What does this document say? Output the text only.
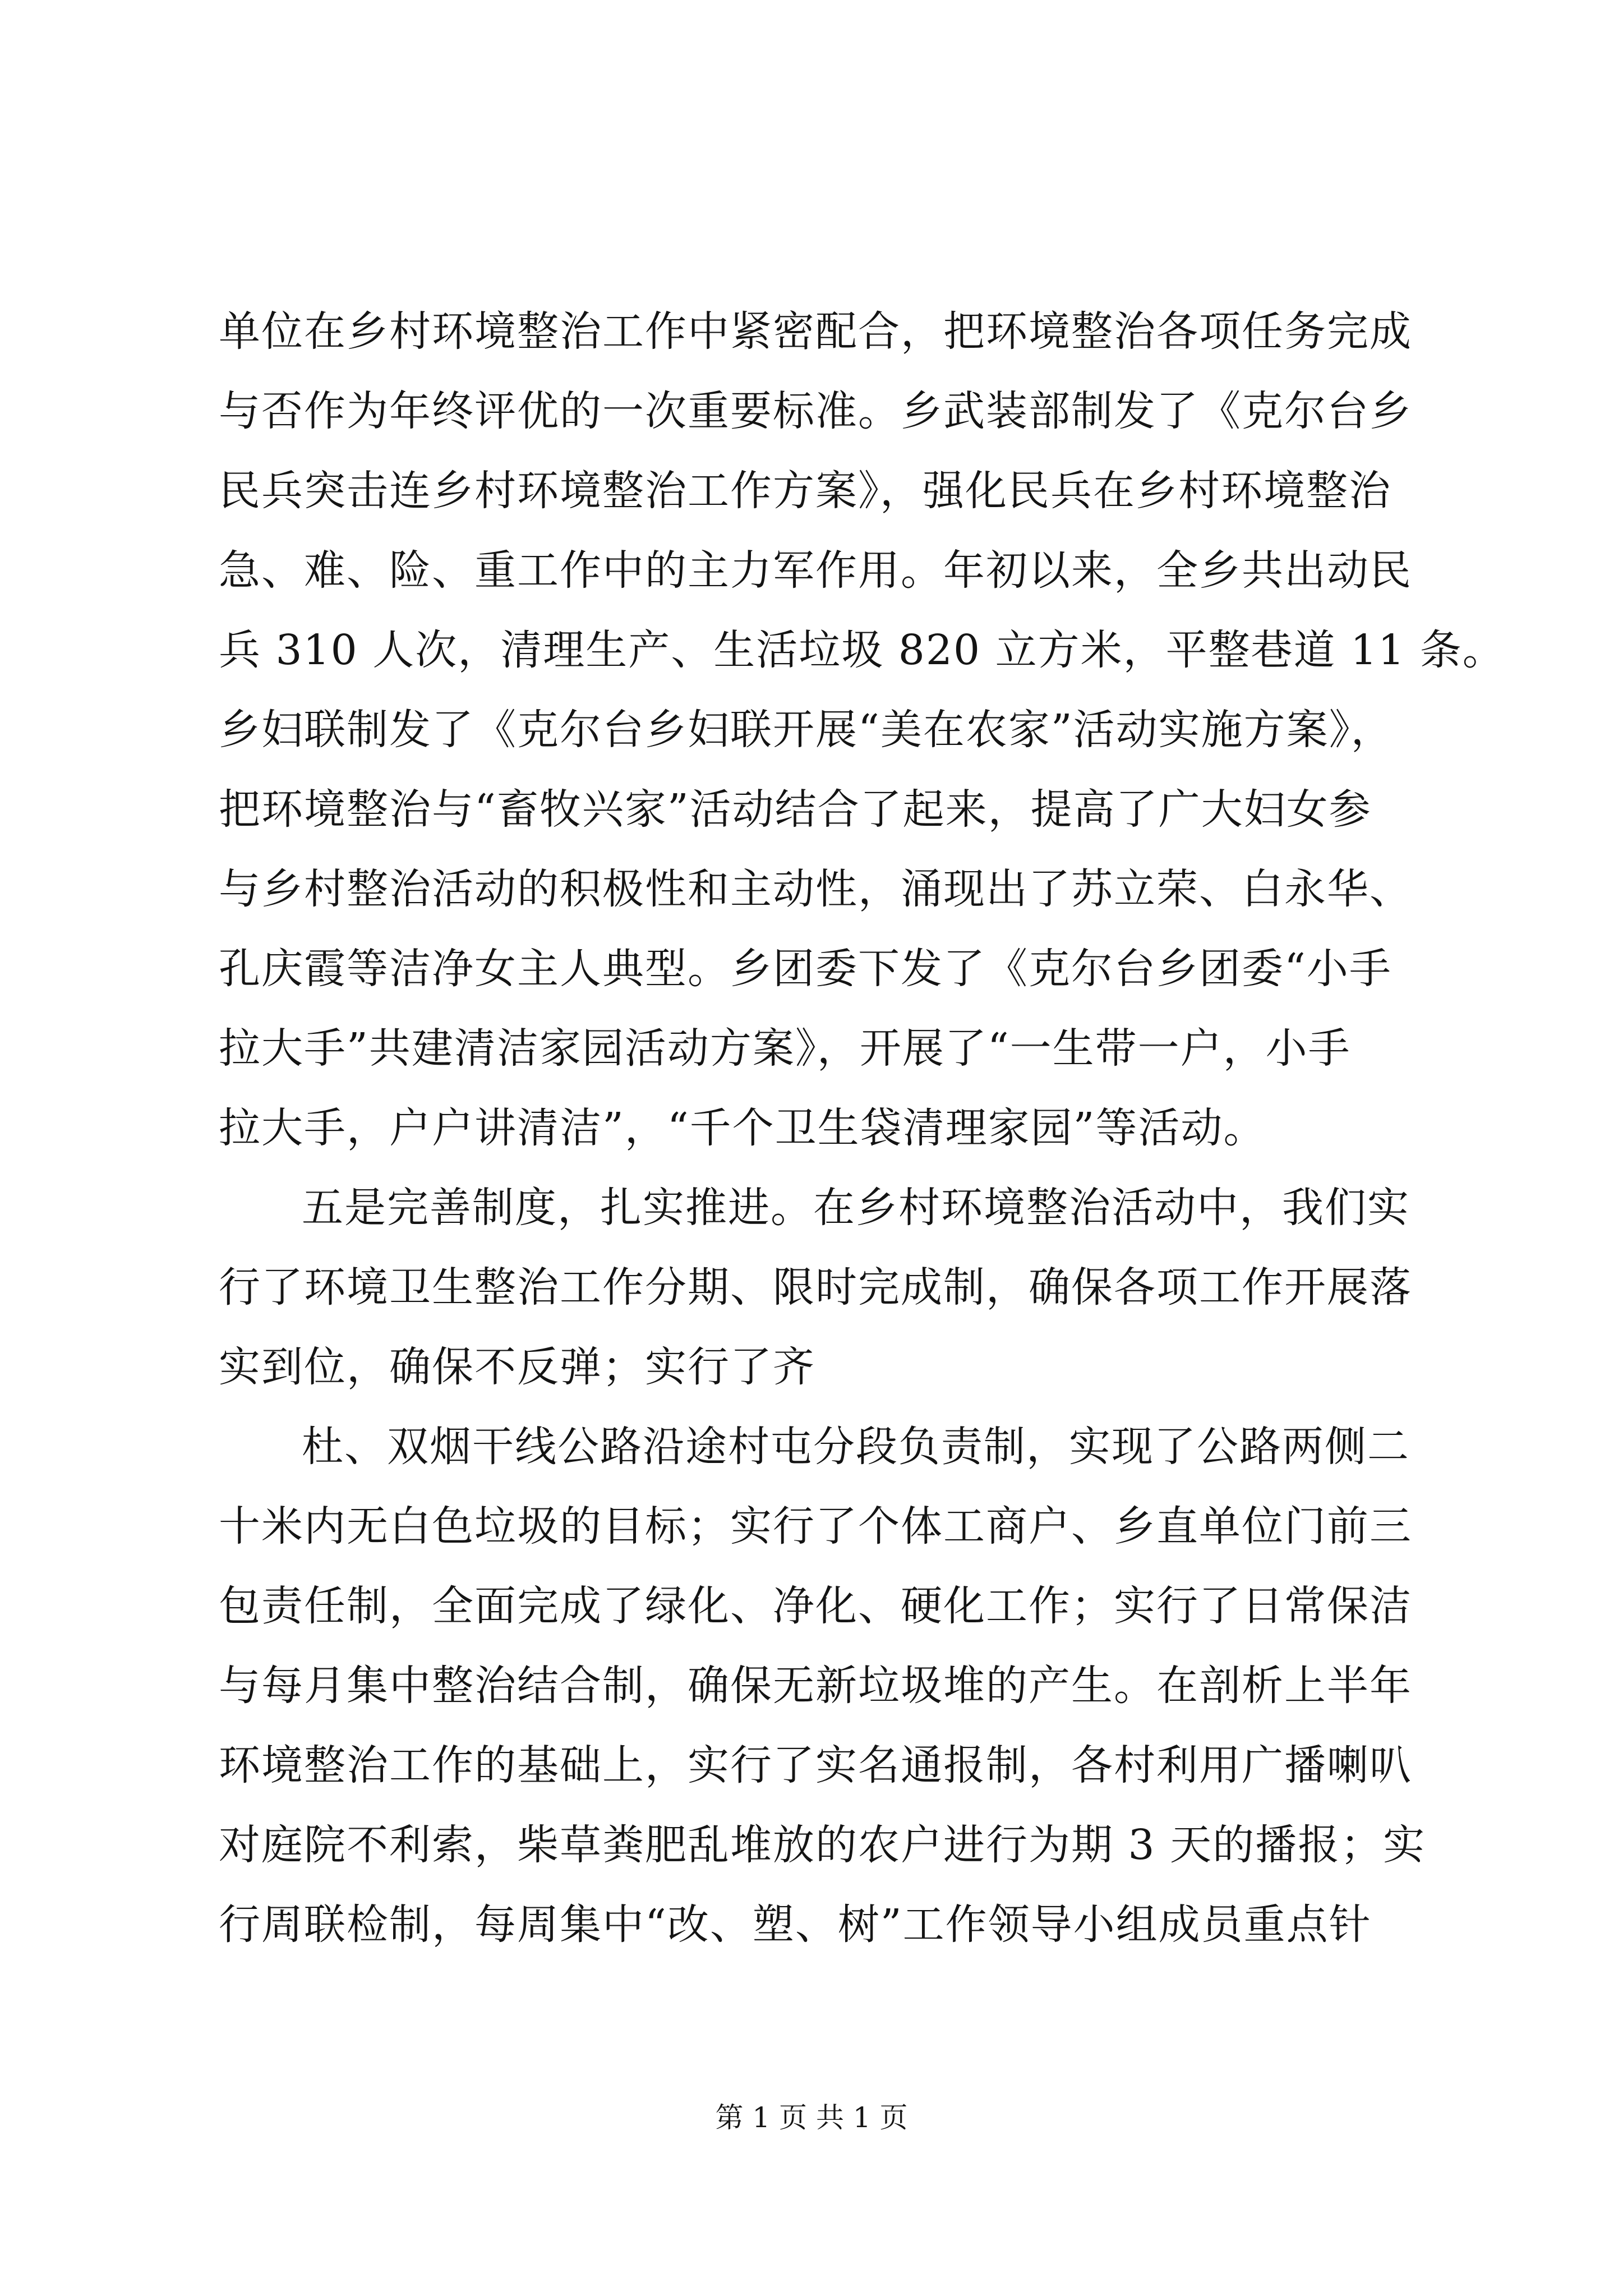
单位在乡村环境整治工作中紧密配合，把环境整治各项任务完成
与否作为年终评优的一次重要标准。乡武装部制发了《克尔台乡
民兵突击连乡村环境整治工作方案》，强化民兵在乡村环境整治
急、难、险、重工作中的主力军作用。年初以来，全乡共出动民
兵 310 人次，清理生产、生活垃圾 820 立方米，平整巷道 11 条。
乡妇联制发了《克尔台乡妇联开展“美在农家”活动实施方案》，
把环境整治与“畜牧兴家”活动结合了起来，提高了广大妇女参
与乡村整治活动的积极性和主动性，涌现出了苏立荣、白永华、
孔庆霞等洁净女主人典型。乡团委下发了《克尔台乡团委“小手
拉大手”共建清洁家园活动方案》，开展了“一生带一户，小手
拉大手，户户讲清洁”，“千个卫生袋清理家园”等活动。
五是完善制度，扎实推进。在乡村环境整治活动中，我们实
行了环境卫生整治工作分期、限时完成制，确保各项工作开展落
实到位，确保不反弹；实行了齐
杜、双烟干线公路沿途村屯分段负责制，实现了公路两侧二
十米内无白色垃圾的目标；实行了个体工商户、乡直单位门前三
包责任制，全面完成了绿化、净化、硬化工作；实行了日常保洁
与每月集中整治结合制，确保无新垃圾堆的产生。在剖析上半年
环境整治工作的基础上，实行了实名通报制，各村利用广播喇叭
对庭院不利索，柴草粪肥乱堆放的农户进行为期 3 天的播报；实
行周联检制，每周集中“改、塑、树”工作领导小组成员重点针
第 1 页 共 1 页
